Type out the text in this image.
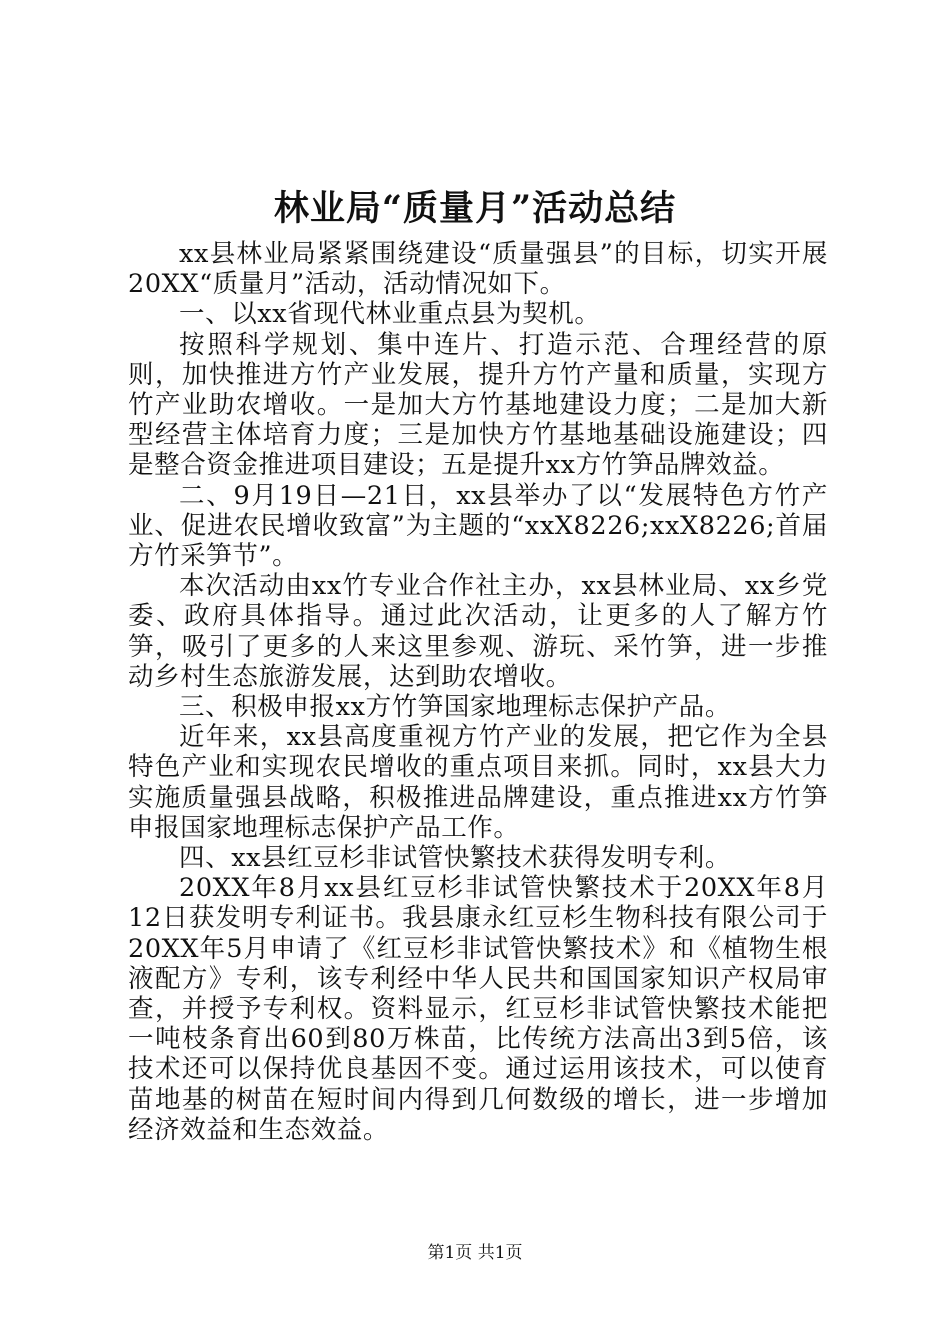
林业局“质量月”活动总结

xx县林业局紧紧围绕建设“质量强县”的目标，切实开展20XX“质量月”活动，活动情况如下。

一、以xx省现代林业重点县为契机。

按照科学规划、集中连片、打造示范、合理经营的原则，加快推进方竹产业发展，提升方竹产量和质量，实现方竹产业助农增收。一是加大方竹基地建设力度；二是加大新型经营主体培育力度；三是加快方竹基地基础设施建设；四是整合资金推进项目建设；五是提升xx方竹笋品牌效益。

二、9月19日—21日，xx县举办了以“发展特色方竹产业、促进农民增收致富”为主题的“xxX8226;xxX8226;首届方竹采笋节”。

本次活动由xx竹专业合作社主办，xx县林业局、xx乡党委、政府具体指导。通过此次活动，让更多的人了解方竹笋，吸引了更多的人来这里参观、游玩、采竹笋，进一步推动乡村生态旅游发展，达到助农增收。

三、积极申报xx方竹笋国家地理标志保护产品。

近年来，xx县高度重视方竹产业的发展，把它作为全县特色产业和实现农民增收的重点项目来抓。同时，xx县大力实施质量强县战略，积极推进品牌建设，重点推进xx方竹笋申报国家地理标志保护产品工作。

四、xx县红豆杉非试管快繁技术获得发明专利。

20XX年8月xx县红豆杉非试管快繁技术于20XX年8月12日获发明专利证书。我县康永红豆杉生物科技有限公司于20XX年5月申请了《红豆杉非试管快繁技术》和《植物生根液配方》专利，该专利经中华人民共和国国家知识产权局审查，并授予专利权。资料显示，红豆杉非试管快繁技术能把一吨枝条育出60到80万株苗，比传统方法高出3到5倍，该技术还可以保持优良基因不变。通过运用该技术，可以使育苗地基的树苗在短时间内得到几何数级的增长，进一步增加经济效益和生态效益。

第1页 共1页
